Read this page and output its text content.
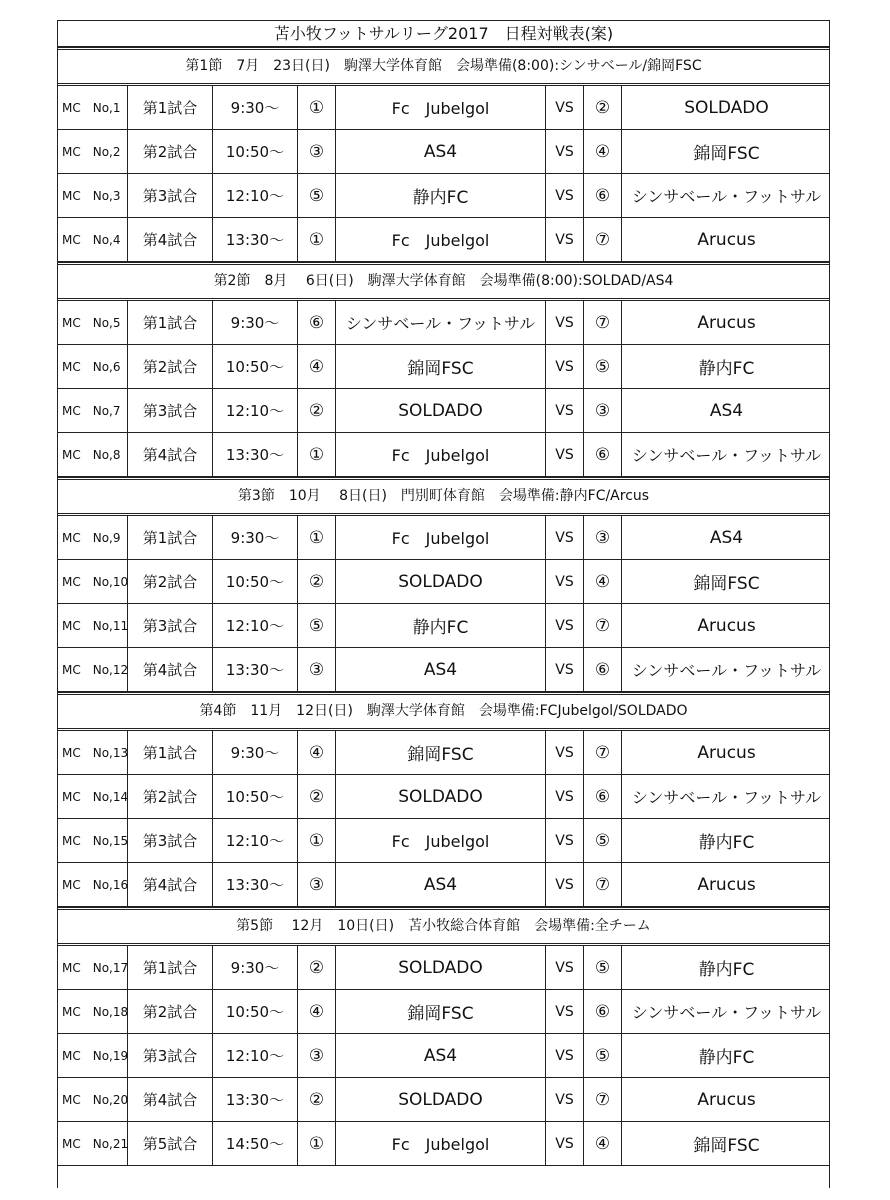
苫小牧フットサルリーグ2017　日程対戦表(案)
第1節　7月　23日(日)　駒澤大学体育館　会場準備(8:00):シンサベール/錦岡FSC
MC　No,1	第1試合	9:30〜	①	Fc　Jubelgol	VS	②	SOLDADO
MC　No,2	第2試合	10:50〜	③	AS4	VS	④	錦岡FSC
MC　No,3	第3試合	12:10〜	⑤	静内FC	VS	⑥	シンサベール・フットサル
MC　No,4	第4試合	13:30〜	①	Fc　Jubelgol	VS	⑦	Arucus
第2節　8月　 6日(日)　駒澤大学体育館　会場準備(8:00):SOLDAD/AS4
MC　No,5	第1試合	9:30〜	⑥	シンサベール・フットサル	VS	⑦	Arucus
MC　No,6	第2試合	10:50〜	④	錦岡FSC	VS	⑤	静内FC
MC　No,7	第3試合	12:10〜	②	SOLDADO	VS	③	AS4
MC　No,8	第4試合	13:30〜	①	Fc　Jubelgol	VS	⑥	シンサベール・フットサル
第3節　10月　 8日(日)　門別町体育館　会場準備:静内FC/Arcus
MC　No,9	第1試合	9:30〜	①	Fc　Jubelgol	VS	③	AS4
MC　No,10 第2試合	10:50〜	②	SOLDADO	VS	④	錦岡FSC
MC　No,11 第3試合	12:10〜	⑤	静内FC	VS	⑦	Arucus
MC　No,12 第4試合	13:30〜	③	AS4	VS	⑥	シンサベール・フットサル
第4節　11月　12日(日)　駒澤大学体育館　会場準備:FCJubelgol/SOLDADO
MC　No,13 第1試合	9:30〜	④	錦岡FSC	VS	⑦	Arucus
MC　No,14 第2試合	10:50〜	②	SOLDADO	VS	⑥	シンサベール・フットサル
MC　No,15 第3試合	12:10〜	①	Fc　Jubelgol	VS	⑤	静内FC
MC　No,16 第4試合	13:30〜	③	AS4	VS	⑦	Arucus
第5節　 12月　10日(日)　苫小牧総合体育館　会場準備:全チーム
MC　No,17 第1試合	9:30〜	②	SOLDADO	VS	⑤	静内FC
MC　No,18 第2試合	10:50〜	④	錦岡FSC	VS	⑥	シンサベール・フットサル
MC　No,19 第3試合	12:10〜	③	AS4	VS	⑤	静内FC
MC　No,20 第4試合	13:30〜	②	SOLDADO	VS	⑦	Arucus
MC　No,21 第5試合	14:50〜	①	Fc　Jubelgol	VS	④	錦岡FSC
